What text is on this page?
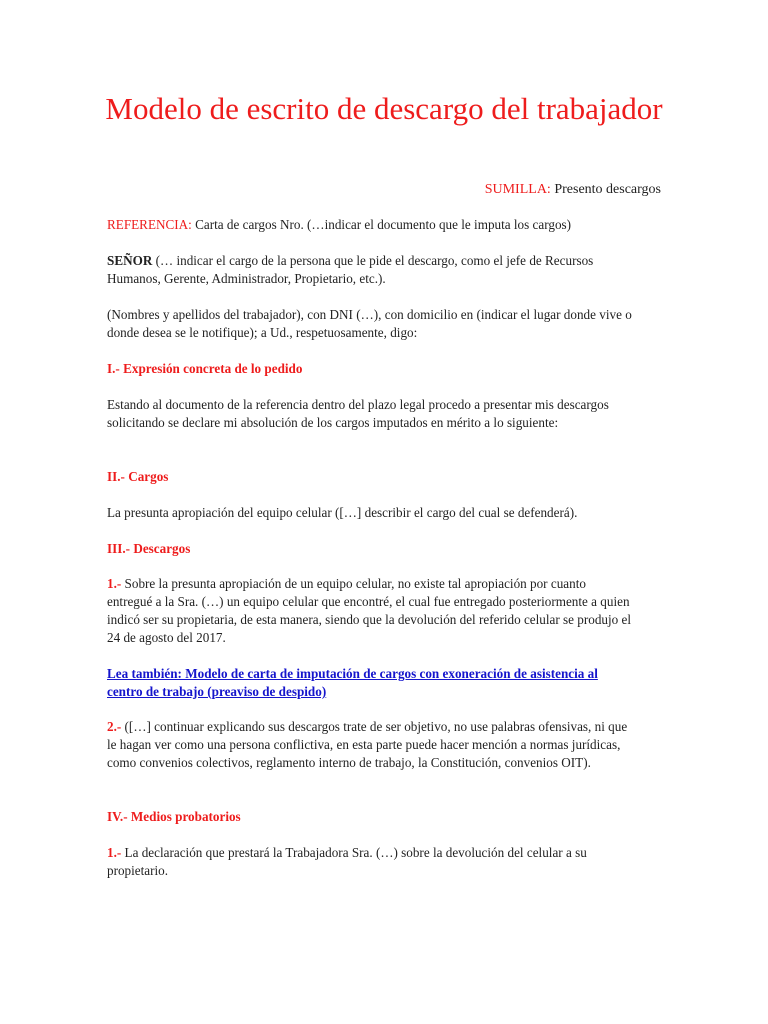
Modelo de escrito de descargo del trabajador

SUMILLA: Presento descargos

REFERENCIA: Carta de cargos Nro. (…indicar el documento que le imputa los cargos)

SEÑOR (… indicar el cargo de la persona que le pide el descargo, como el jefe de Recursos Humanos, Gerente, Administrador, Propietario, etc.).

(Nombres y apellidos del trabajador), con DNI (…), con domicilio en (indicar el lugar donde vive o donde desea se le notifique); a Ud., respetuosamente, digo:

I.- Expresión concreta de lo pedido

Estando al documento de la referencia dentro del plazo legal procedo a presentar mis descargos solicitando se declare mi absolución de los cargos imputados en mérito a lo siguiente:

II.- Cargos

La presunta apropiación del equipo celular ([…] describir el cargo del cual se defenderá).

III.- Descargos

1.- Sobre la presunta apropiación de un equipo celular, no existe tal apropiación por cuanto entregué a la Sra. (…) un equipo celular que encontré, el cual fue entregado posteriormente a quien indicó ser su propietaria, de esta manera, siendo que la devolución del referido celular se produjo el 24 de agosto del 2017.

Lea también: Modelo de carta de imputación de cargos con exoneración de asistencia al centro de trabajo (preaviso de despido)

2.- ([…] continuar explicando sus descargos trate de ser objetivo, no use palabras ofensivas, ni que le hagan ver como una persona conflictiva, en esta parte puede hacer mención a normas jurídicas, como convenios colectivos, reglamento interno de trabajo, la Constitución, convenios OIT).

IV.- Medios probatorios

1.- La declaración que prestará la Trabajadora Sra. (…) sobre la devolución del celular a su propietario.
